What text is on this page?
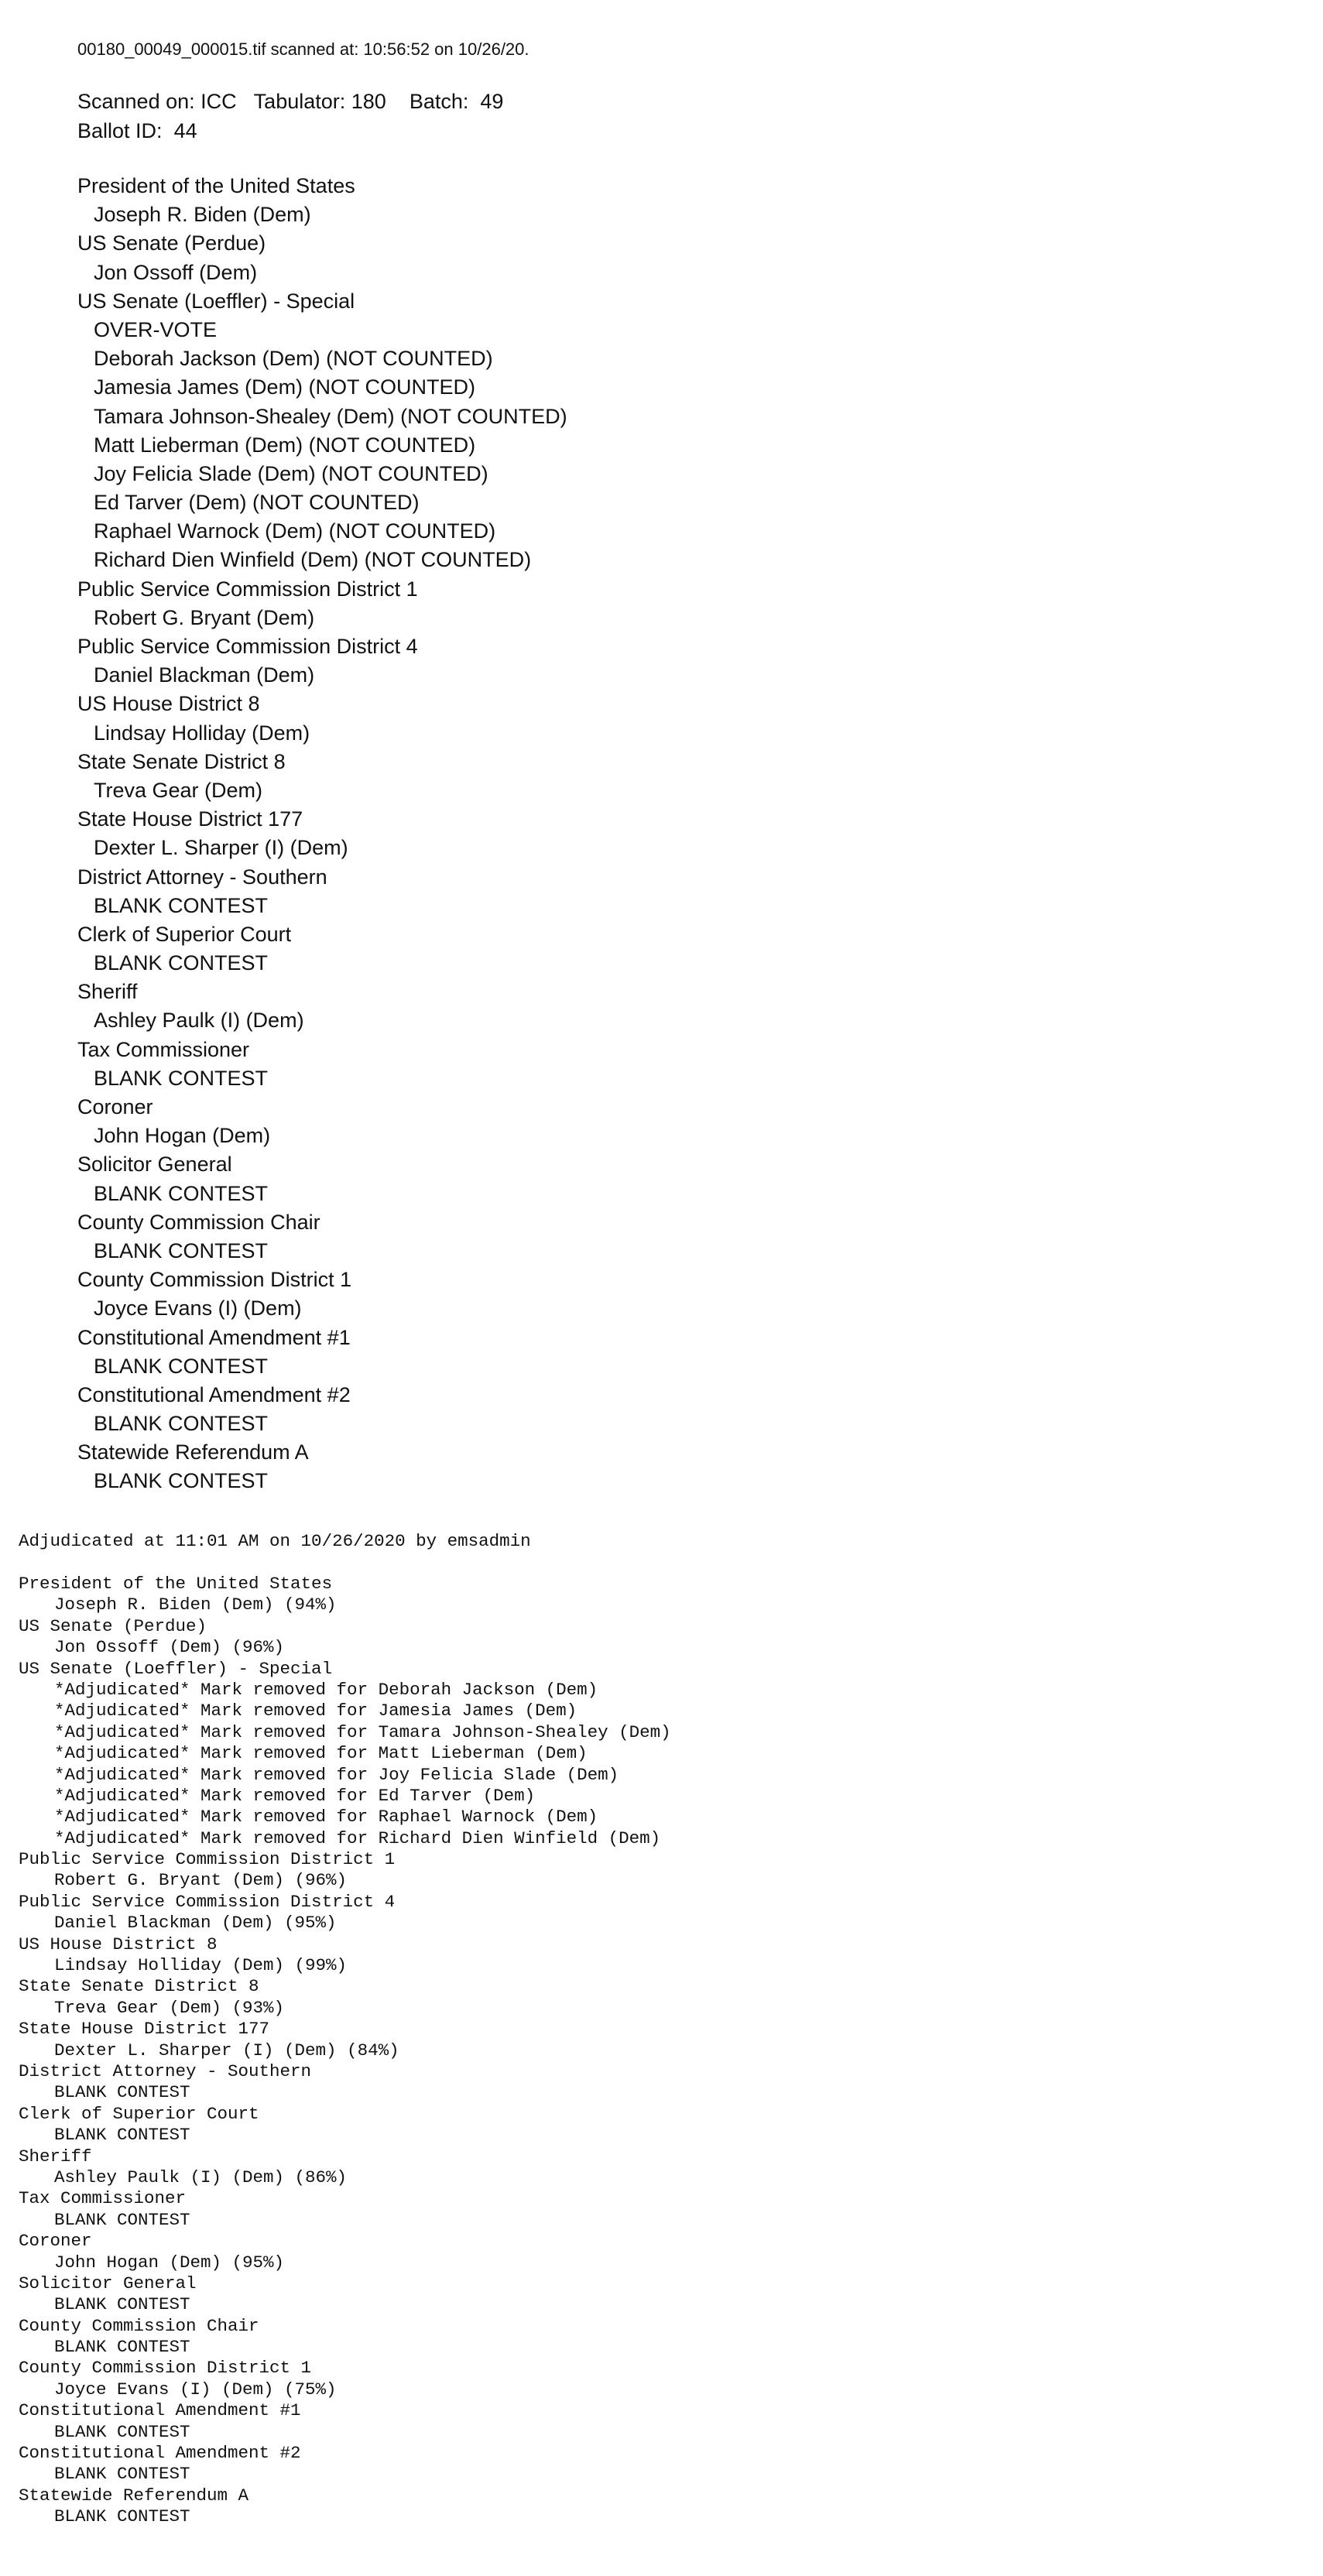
00180_00049_000015.tif scanned at: 10:56:52 on 10/26/20.
Scanned on: ICC Tabulator: 180 Batch: 49
Ballot ID: 44
President of the United States
Joseph R. Biden (Dem)
US Senate (Perdue)
Jon Ossoff (Dem)
US Senate (Loeffler) - Special
OVER-VOTE
Deborah Jackson (Dem) (NOT COUNTED)
Jamesia James (Dem) (NOT COUNTED)
Tamara Johnson-Shealey (Dem) (NOT COUNTED)
Matt Lieberman (Dem) (NOT COUNTED)
Joy Felicia Slade (Dem) (NOT COUNTED)
Ed Tarver (Dem) (NOT COUNTED)
Raphael Warnock (Dem) (NOT COUNTED)
Richard Dien Winfield (Dem) (NOT COUNTED)
Public Service Commission District 1
Robert G. Bryant (Dem)
Public Service Commission District 4
Daniel Blackman (Dem)
US House District 8
Lindsay Holliday (Dem)
State Senate District 8
Treva Gear (Dem)
State House District 177
Dexter L. Sharper (I) (Dem)
District Attorney - Southern
BLANK CONTEST
Clerk of Superior Court
BLANK CONTEST
Sheriff
Ashley Paulk (I) (Dem)
Tax Commissioner
BLANK CONTEST
Coroner
John Hogan (Dem)
Solicitor General
BLANK CONTEST
County Commission Chair
BLANK CONTEST
County Commission District 1
Joyce Evans (I) (Dem)
Constitutional Amendment #1
BLANK CONTEST
Constitutional Amendment #2
BLANK CONTEST
Statewide Referendum A
BLANK CONTEST
Adjudicated at 11:01 AM on 10/26/2020 by emsadmin
President of the United States
Joseph R. Biden (Dem) (94%)
US Senate (Perdue)
Jon Ossoff (Dem) (96%)
US Senate (Loeffler) - Special
*Adjudicated* Mark removed for Deborah Jackson (Dem)
*Adjudicated* Mark removed for Jamesia James (Dem)
*Adjudicated* Mark removed for Tamara Johnson-Shealey (Dem)
*Adjudicated* Mark removed for Matt Lieberman (Dem)
*Adjudicated* Mark removed for Joy Felicia Slade (Dem)
*Adjudicated* Mark removed for Ed Tarver (Dem)
*Adjudicated* Mark removed for Raphael Warnock (Dem)
*Adjudicated* Mark removed for Richard Dien Winfield (Dem)
Public Service Commission District 1
Robert G. Bryant (Dem) (96%)
Public Service Commission District 4
Daniel Blackman (Dem) (95%)
US House District 8
Lindsay Holliday (Dem) (99%)
State Senate District 8
Treva Gear (Dem) (93%)
State House District 177
Dexter L. Sharper (I) (Dem) (84%)
District Attorney - Southern
BLANK CONTEST
Clerk of Superior Court
BLANK CONTEST
Sheriff
Ashley Paulk (I) (Dem) (86%)
Tax Commissioner
BLANK CONTEST
Coroner
John Hogan (Dem) (95%)
Solicitor General
BLANK CONTEST
County Commission Chair
BLANK CONTEST
County Commission District 1
Joyce Evans (I) (Dem) (75%)
Constitutional Amendment #1
BLANK CONTEST
Constitutional Amendment #2
BLANK CONTEST
Statewide Referendum A
BLANK CONTEST
